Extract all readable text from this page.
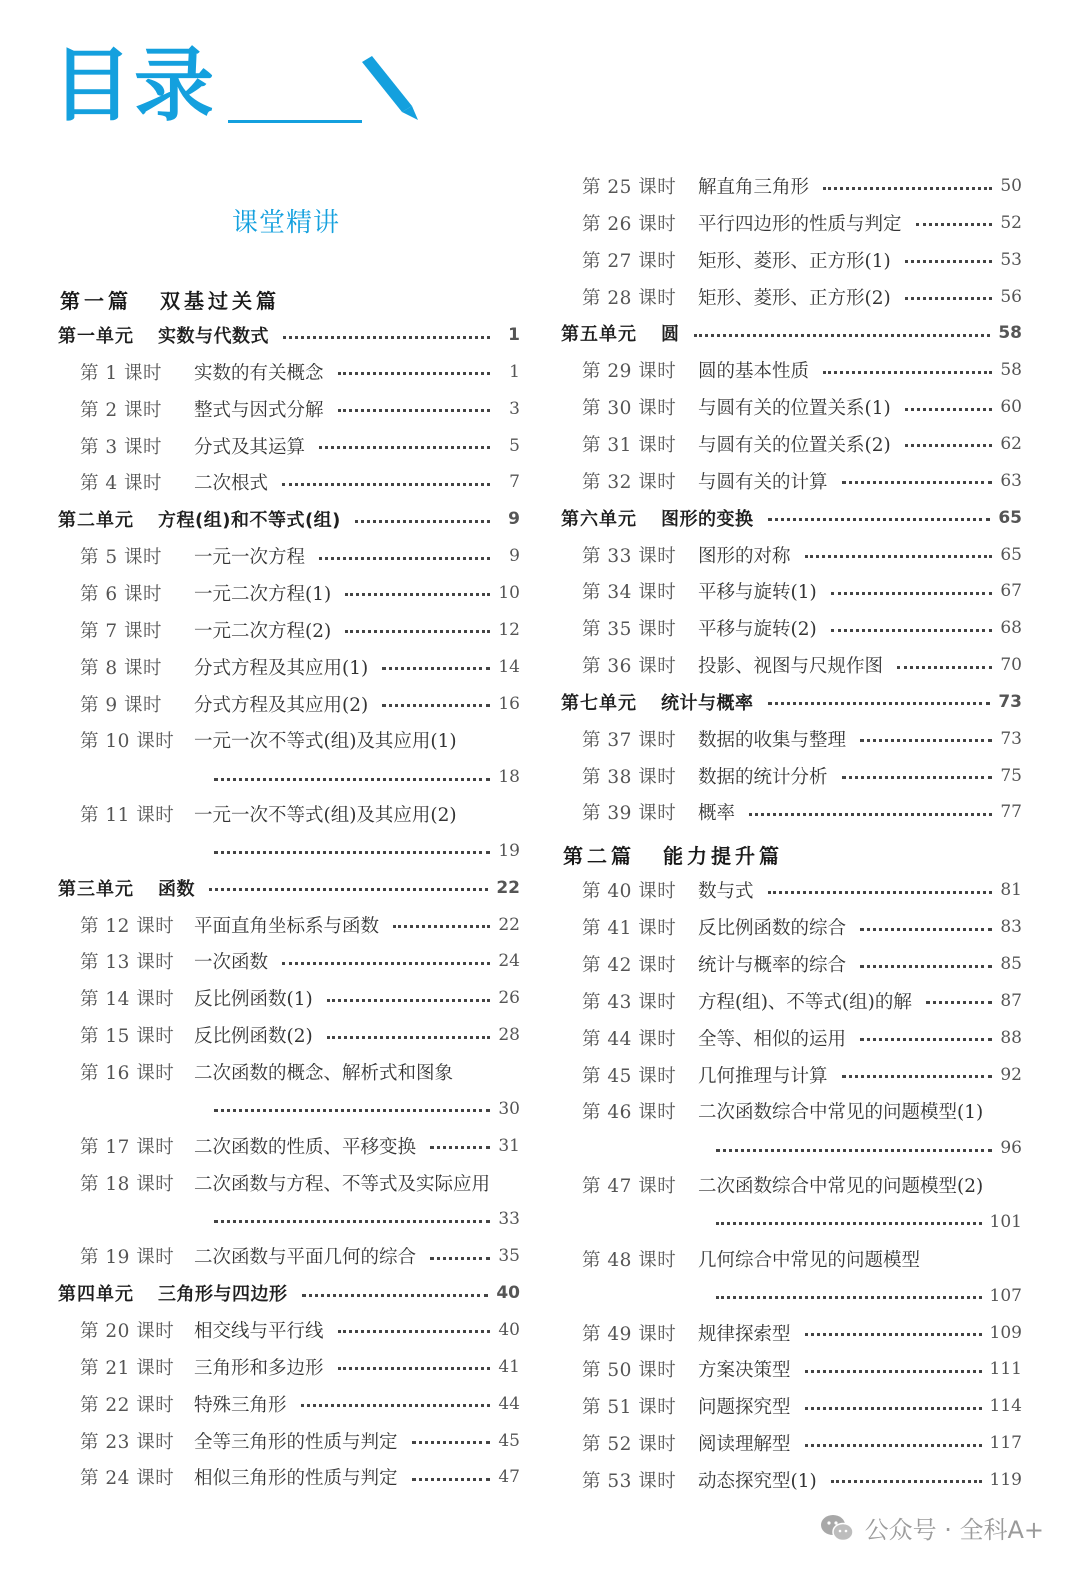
目录
课堂精讲
第一篇 双基过关篇
第一单元 实数与代数式	1
第 1 课时	实数的有关概念	1
第 2 课时	整式与因式分解	3
第 3 课时	分式及其运算	5
第 4 课时	二次根式	7
第二单元 方程(组)和不等式(组)	9
第 5 课时	一元一次方程	9
第 6 课时	一元二次方程(1)	10
第 7 课时	一元二次方程(2)	12
第 8 课时	分式方程及其应用(1)	14
第 9 课时	分式方程及其应用(2)	16
第 10 课时	一元一次不等式(组)及其应用(1)
18
第 11 课时	一元一次不等式(组)及其应用(2)
19
第三单元 函数	22
第 12 课时	平面直角坐标系与函数	22
第 13 课时	一次函数	24
第 14 课时	反比例函数(1)	26
第 15 课时	反比例函数(2)	28
第 16 课时	二次函数的概念、解析式和图象
30
第 17 课时	二次函数的性质、平移变换	31
第 18 课时	二次函数与方程、不等式及实际应用
33
第 19 课时	二次函数与平面几何的综合	35
第四单元 三角形与四边形	40
第 20 课时	相交线与平行线	40
第 21 课时	三角形和多边形	41
第 22 课时	特殊三角形	44
第 23 课时	全等三角形的性质与判定	45
第 24 课时	相似三角形的性质与判定	47
第 25 课时	解直角三角形	50
第 26 课时	平行四边形的性质与判定	52
第 27 课时	矩形、菱形、正方形(1)	53
第 28 课时	矩形、菱形、正方形(2)	56
第五单元 圆	58
第 29 课时	圆的基本性质	58
第 30 课时	与圆有关的位置关系(1)	60
第 31 课时	与圆有关的位置关系(2)	62
第 32 课时	与圆有关的计算	63
第六单元 图形的变换	65
第 33 课时	图形的对称	65
第 34 课时	平移与旋转(1)	67
第 35 课时	平移与旋转(2)	68
第 36 课时	投影、视图与尺规作图	70
第七单元 统计与概率	73
第 37 课时	数据的收集与整理	73
第 38 课时	数据的统计分析	75
第 39 课时	概率	77
第二篇 能力提升篇
第 40 课时	数与式	81
第 41 课时	反比例函数的综合	83
第 42 课时	统计与概率的综合	85
第 43 课时	方程(组)、不等式(组)的解	87
第 44 课时	全等、相似的运用	88
第 45 课时	几何推理与计算	92
第 46 课时	二次函数综合中常见的问题模型(1)
96
第 47 课时	二次函数综合中常见的问题模型(2)
101
第 48 课时	几何综合中常见的问题模型
107
第 49 课时	规律探索型	109
第 50 课时	方案决策型	111
第 51 课时	问题探究型	114
第 52 课时	阅读理解型	117
第 53 课时	动态探究型(1)	119
公众号 · 全科A+
